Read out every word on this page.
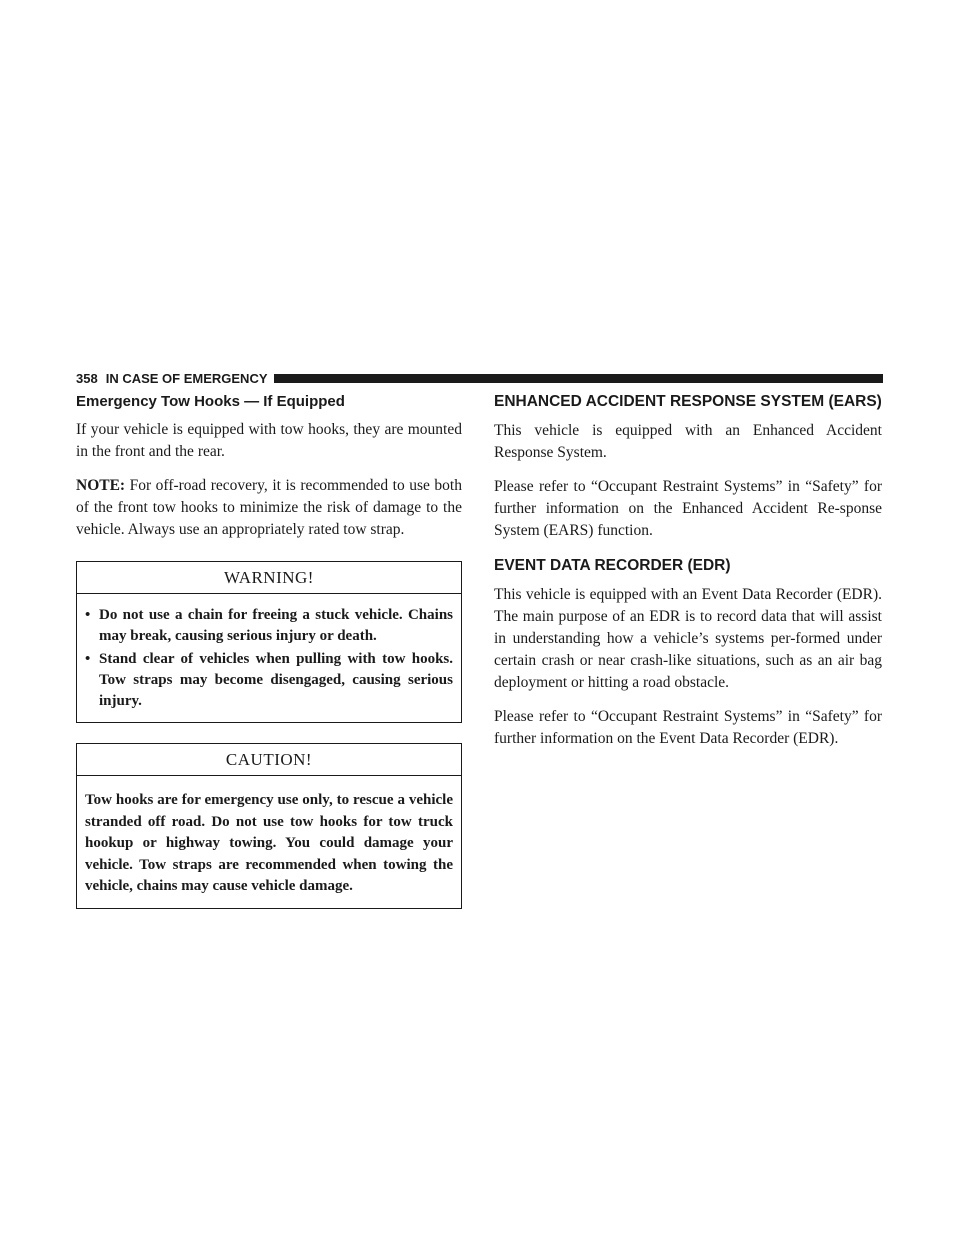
358 IN CASE OF EMERGENCY
Emergency Tow Hooks — If Equipped

If your vehicle is equipped with tow hooks, they are mounted in the front and the rear.

NOTE: For off-road recovery, it is recommended to use both of the front tow hooks to minimize the risk of damage to the vehicle. Always use an appropriately rated tow strap.

WARNING!
• Do not use a chain for freeing a stuck vehicle. Chains may break, causing serious injury or death.
• Stand clear of vehicles when pulling with tow hooks. Tow straps may become disengaged, causing serious injury.
CAUTION!

Tow hooks are for emergency use only, to rescue a vehicle stranded off road. Do not use tow hooks for tow truck hookup or highway towing. You could damage your vehicle. Tow straps are recommended when towing the vehicle, chains may cause vehicle damage.

ENHANCED ACCIDENT RESPONSE SYSTEM (EARS)

This vehicle is equipped with an Enhanced Accident Response System.

Please refer to “Occupant Restraint Systems” in “Safety” for further information on the Enhanced Accident Re-sponse System (EARS) function.

EVENT DATA RECORDER (EDR)

This vehicle is equipped with an Event Data Recorder (EDR). The main purpose of an EDR is to record data that will assist in understanding how a vehicle’s systems per-formed under certain crash or near crash-like situations, such as an air bag deployment or hitting a road obstacle.

Please refer to “Occupant Restraint Systems” in “Safety” for further information on the Event Data Recorder (EDR).
